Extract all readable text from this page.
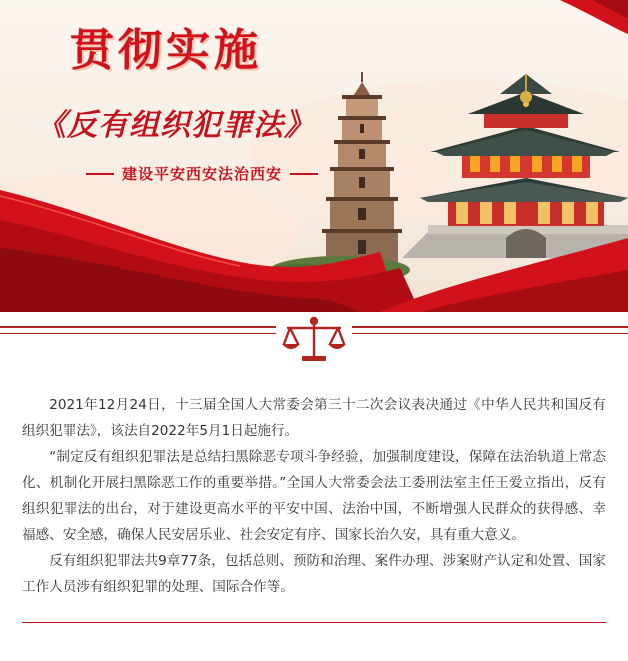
贯彻实施
《反有组织犯罪法》
建设平安西安法治西安

2021年12月24日，十三届全国人大常委会第三十二次会议表决通过《中华人民共和国反有组织犯罪法》，该法自2022年5月1日起施行。

“制定反有组织犯罪法是总结扫黑除恶专项斗争经验，加强制度建设，保障在法治轨道上常态化、机制化开展扫黑除恶工作的重要举措。”全国人大常委会法工委刑法室主任王爱立指出，反有组织犯罪法的出台，对于建设更高水平的平安中国、法治中国，不断增强人民群众的获得感、幸福感、安全感，确保人民安居乐业、社会安定有序、国家长治久安，具有重大意义。

反有组织犯罪法共9章77条，包括总则、预防和治理、案件办理、涉案财产认定和处置、国家工作人员涉有组织犯罪的处理、国际合作等。
